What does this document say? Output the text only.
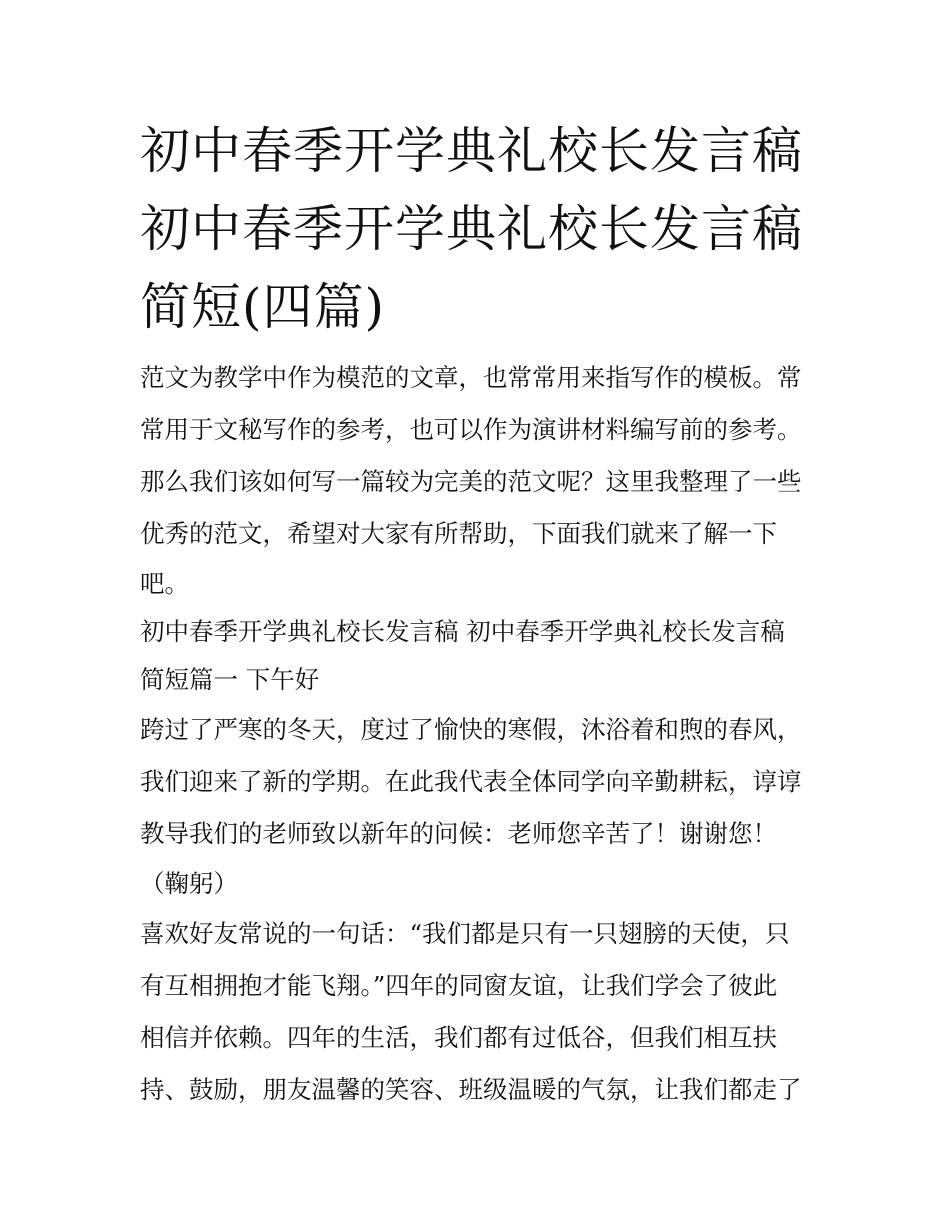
初中春季开学典礼校长发言稿
初中春季开学典礼校长发言稿
简短(四篇)
范文为教学中作为模范的文章，也常常用来指写作的模板。常
常用于文秘写作的参考，也可以作为演讲材料编写前的参考。
那么我们该如何写一篇较为完美的范文呢？这里我整理了一些
优秀的范文，希望对大家有所帮助，下面我们就来了解一下
吧。
初中春季开学典礼校长发言稿 初中春季开学典礼校长发言稿
简短篇一 下午好
跨过了严寒的冬天，度过了愉快的寒假，沐浴着和煦的春风，
我们迎来了新的学期。在此我代表全体同学向辛勤耕耘，谆谆
教导我们的老师致以新年的问候：老师您辛苦了！谢谢您！
（鞠躬）
喜欢好友常说的一句话：“我们都是只有一只翅膀的天使，只
有互相拥抱才能飞翔。”四年的同窗友谊，让我们学会了彼此
相信并依赖。四年的生活，我们都有过低谷，但我们相互扶
持、鼓励，朋友温馨的笑容、班级温暖的气氛，让我们都走了
